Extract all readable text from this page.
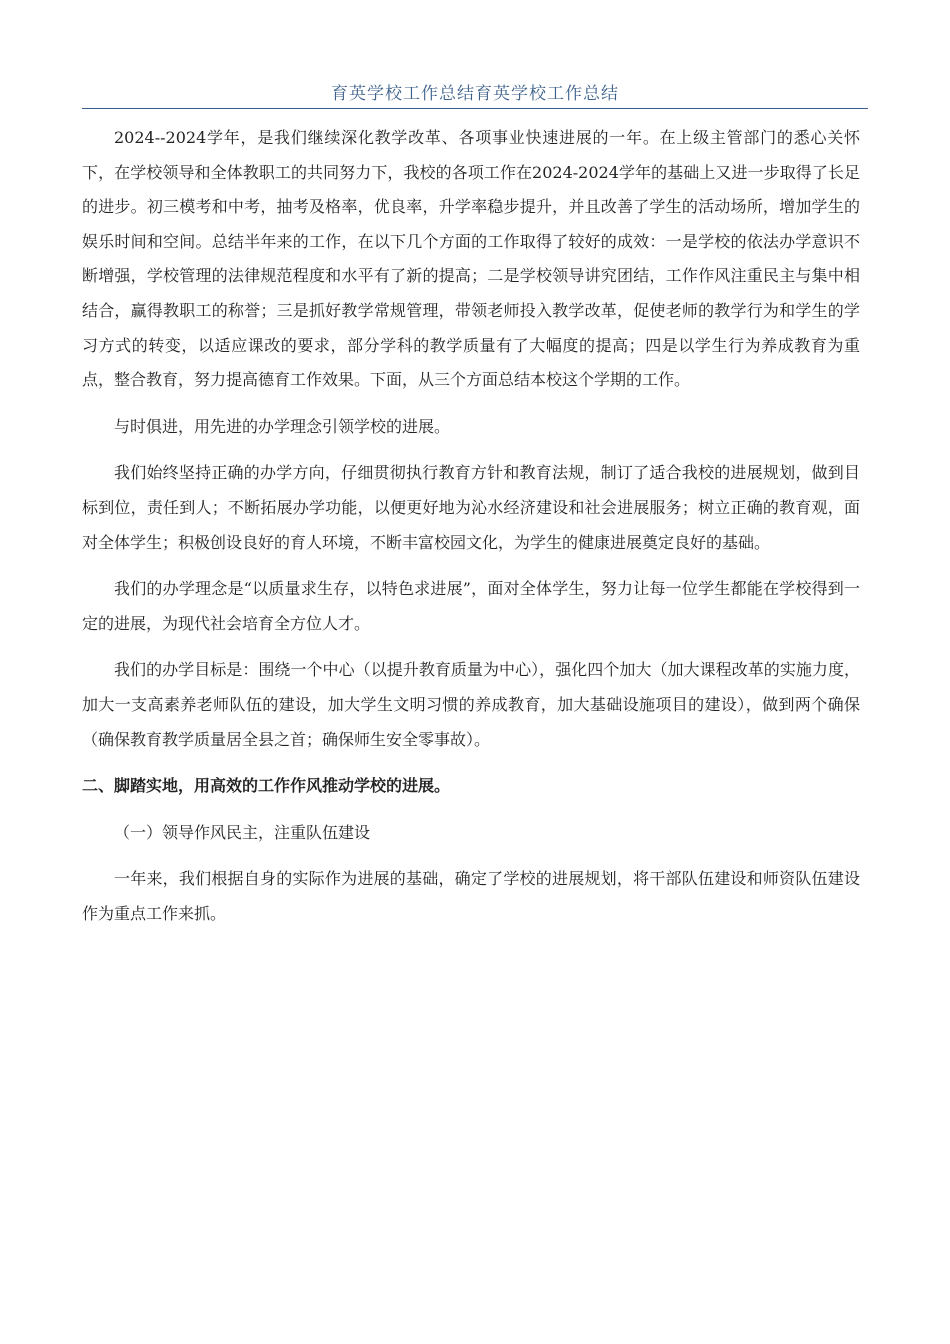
育英学校工作总结育英学校工作总结

2024--2024学年，是我们继续深化教学改革、各项事业快速进展的一年。在上级主管部门的悉心关怀下，在学校领导和全体教职工的共同努力下，我校的各项工作在2024-2024学年的基础上又进一步取得了长足的进步。初三模考和中考，抽考及格率，优良率，升学率稳步提升，并且改善了学生的活动场所，增加学生的娱乐时间和空间。总结半年来的工作，在以下几个方面的工作取得了较好的成效：一是学校的依法办学意识不断增强，学校管理的法律规范程度和水平有了新的提高；二是学校领导讲究团结，工作作风注重民主与集中相结合，赢得教职工的称誉；三是抓好教学常规管理，带领老师投入教学改革，促使老师的教学行为和学生的学习方式的转变，以适应课改的要求，部分学科的教学质量有了大幅度的提高；四是以学生行为养成教育为重点，整合教育，努力提高德育工作效果。下面，从三个方面总结本校这个学期的工作。

与时俱进，用先进的办学理念引领学校的进展。

我们始终坚持正确的办学方向，仔细贯彻执行教育方针和教育法规，制订了适合我校的进展规划，做到目标到位，责任到人；不断拓展办学功能，以便更好地为沁水经济建设和社会进展服务；树立正确的教育观，面对全体学生；积极创设良好的育人环境，不断丰富校园文化，为学生的健康进展奠定良好的基础。

我们的办学理念是“以质量求生存，以特色求进展”，面对全体学生，努力让每一位学生都能在学校得到一定的进展，为现代社会培育全方位人才。

我们的办学目标是：围绕一个中心（以提升教育质量为中心），强化四个加大（加大课程改革的实施力度，加大一支高素养老师队伍的建设，加大学生文明习惯的养成教育，加大基础设施项目的建设），做到两个确保（确保教育教学质量居全县之首；确保师生安全零事故）。

二、脚踏实地，用高效的工作作风推动学校的进展。

（一）领导作风民主，注重队伍建设

一年来，我们根据自身的实际作为进展的基础，确定了学校的进展规划，将干部队伍建设和师资队伍建设作为重点工作来抓。
